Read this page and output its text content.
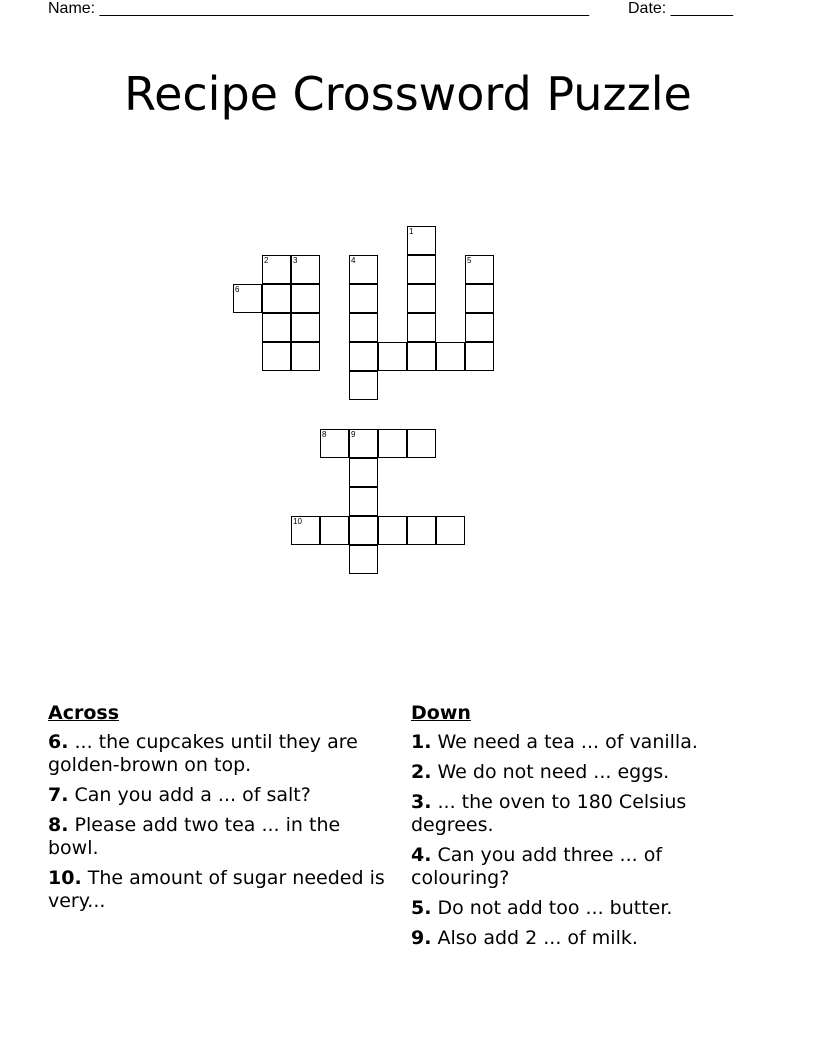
Name: _______________________________________________________ Date: _______
Recipe Crossword Puzzle
1
2	3	4	5
6
8	9
10
Across
6. ... the cupcakes until they are golden-brown on top.
7. Can you add a ... of salt?
8. Please add two tea ... in the bowl.
10. The amount of sugar needed is very...
Down
1. We need a tea ... of vanilla.
2. We do not need ... eggs.
3. ... the oven to 180 Celsius degrees.
4. Can you add three ... of colouring?
5. Do not add too ... butter.
9. Also add 2 ... of milk.
